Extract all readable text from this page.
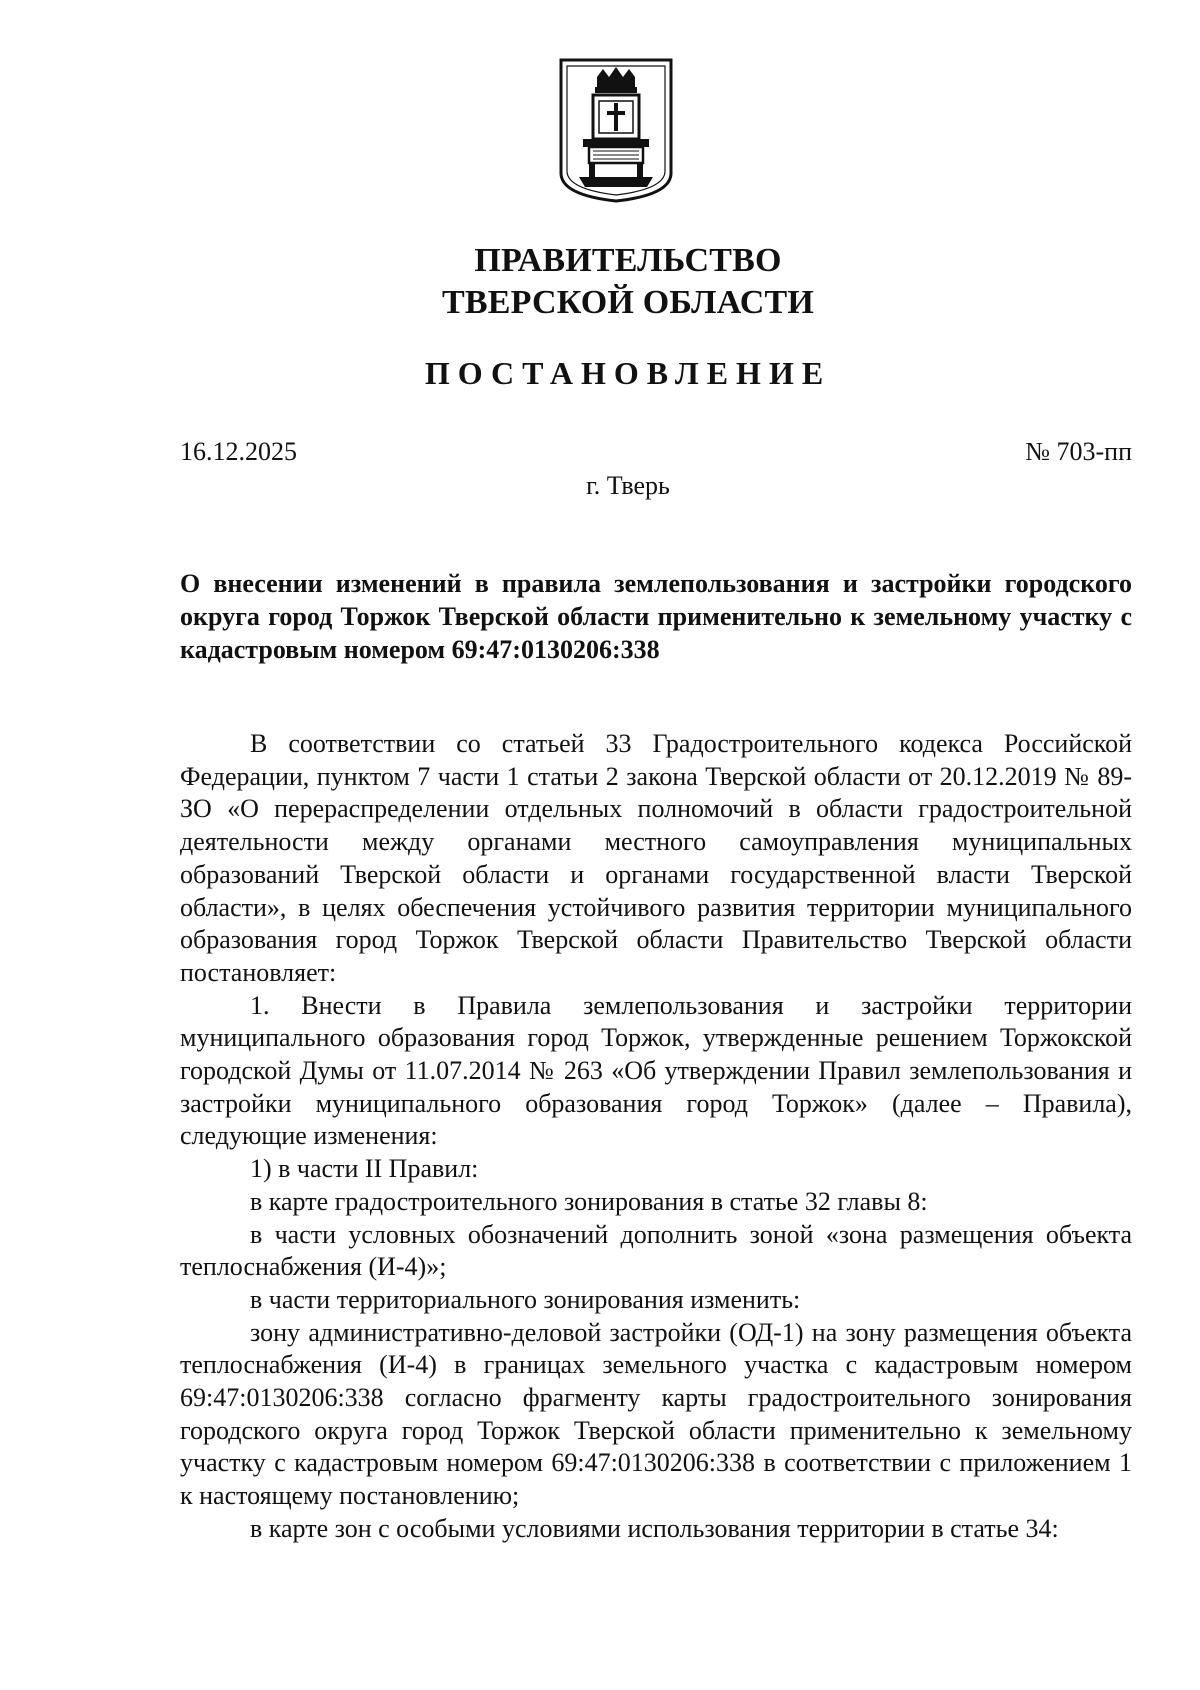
ПРАВИТЕЛЬСТВО
ТВЕРСКОЙ ОБЛАСТИ
ПОСТАНОВЛЕНИЕ
16.12.2025	№ 703-пп
г. Тверь
О внесении изменений в правила землепользования и застройки городского округа город Торжок Тверской области применительно к земельному участку с кадастровым номером 69:47:0130206:338

В соответствии со статьей 33 Градостроительного кодекса Российской Федерации, пунктом 7 части 1 статьи 2 закона Тверской области от 20.12.2019 № 89-ЗО «О перераспределении отдельных полномочий в области градостроительной деятельности между органами местного самоуправления муниципальных образований Тверской области и органами государственной власти Тверской области», в целях обеспечения устойчивого развития территории муниципального образования город Торжок Тверской области Правительство Тверской области постановляет:

1. Внести в Правила землепользования и застройки территории муниципального образования город Торжок, утвержденные решением Торжокской городской Думы от 11.07.2014 № 263 «Об утверждении Правил землепользования и застройки муниципального образования город Торжок» (далее – Правила), следующие изменения:

1) в части II Правил:

в карте градостроительного зонирования в статье 32 главы 8:

в части условных обозначений дополнить зоной «зона размещения объекта теплоснабжения (И-4)»;

в части территориального зонирования изменить:

зону административно-деловой застройки (ОД-1) на зону размещения объекта теплоснабжения (И-4) в границах земельного участка с кадастровым номером 69:47:0130206:338 согласно фрагменту карты градостроительного зонирования городского округа город Торжок Тверской области применительно к земельному участку с кадастровым номером 69:47:0130206:338 в соответствии с приложением 1 к настоящему постановлению;

в карте зон с особыми условиями использования территории в статье 34:
